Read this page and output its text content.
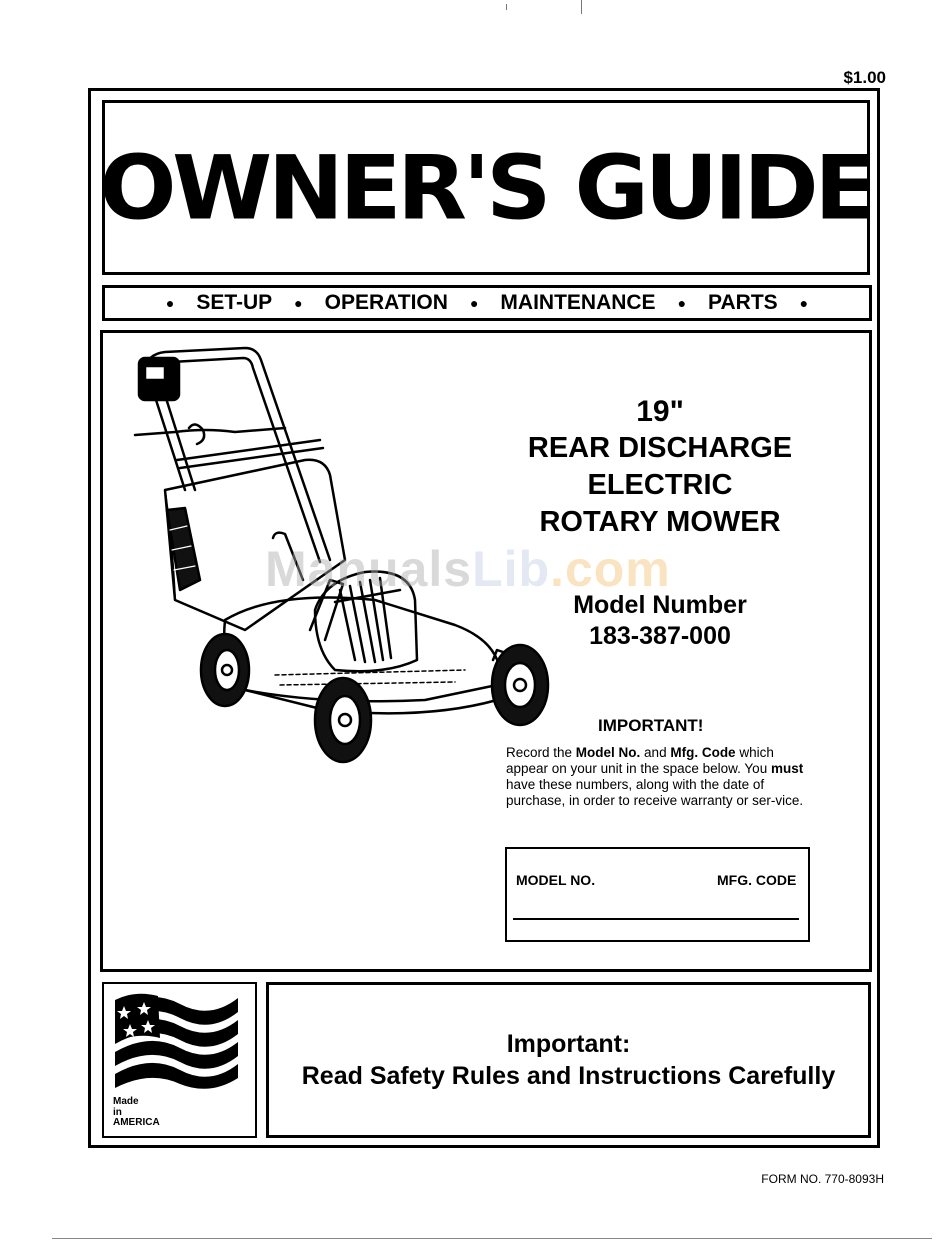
$1.00
OWNER'S GUIDE
● SET-UP ● OPERATION ● MAINTENANCE ● PARTS ●
ManualsLib.com
19"
REAR DISCHARGE
ELECTRIC
ROTARY MOWER
Model Number
183-387-000
IMPORTANT!
Record the Model No. and Mfg. Code which appear on your unit in the space below. You must have these numbers, along with the date of purchase, in order to receive warranty or ser-vice.
MODEL NO.	MFG. CODE
Made
in
AMERICA
Important:
Read Safety Rules and Instructions Carefully
FORM NO. 770-8093H
